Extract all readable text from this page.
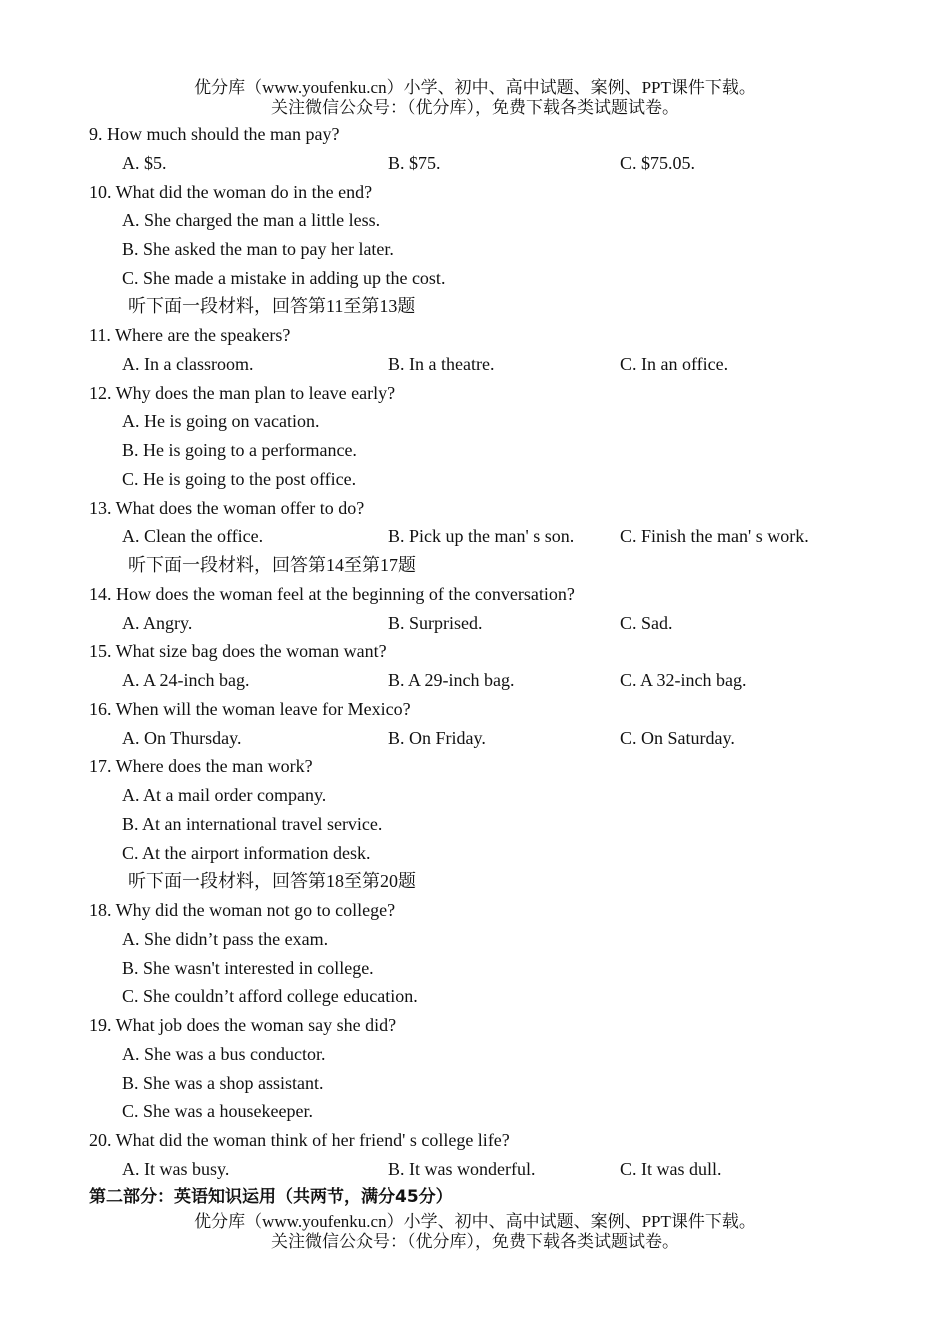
优分库（www.youfenku.cn）小学、初中、高中试题、案例、PPT课件下载。
关注微信公众号：（优分库），免费下载各类试题试卷。
9. How much should the man pay?
A. $5.	B. $75.	C. $75.05.
10. What did the woman do in the end?
A. She charged the man a little less.
B. She asked the man to pay her later.
C. She made a mistake in adding up the cost.
听下面一段材料，回答第11至第13题
11. Where are the speakers?
A. In a classroom.	B. In a theatre.	C. In an office.
12. Why does the man plan to leave early?
A. He is going on vacation.
B. He is going to a performance.
C. He is going to the post office.
13. What does the woman offer to do?
A. Clean the office.	B. Pick up the man' s son.	C. Finish the man' s work.
听下面一段材料，回答第14至第17题
14. How does the woman feel at the beginning of the conversation?
A. Angry.	B. Surprised.	C. Sad.
15. What size bag does the woman want?
A. A 24-inch bag.	B. A 29-inch bag.	C. A 32-inch bag.
16. When will the woman leave for Mexico?
A. On Thursday.	B. On Friday.	C. On Saturday.
17. Where does the man work?
A. At a mail order company.
B. At an international travel service.
C. At the airport information desk.
听下面一段材料，回答第18至第20题
18. Why did the woman not go to college?
A. She didn’t pass the exam.
B. She wasn't interested in college.
C. She couldn’t afford college education.
19. What job does the woman say she did?
A. She was a bus conductor.
B. She was a shop assistant.
C. She was a housekeeper.
20. What did the woman think of her friend' s college life?
A. It was busy.	B. It was wonderful.	C. It was dull.
第二部分：英语知识运用（共两节，满分45分）
优分库（www.youfenku.cn）小学、初中、高中试题、案例、PPT课件下载。
关注微信公众号：（优分库），免费下载各类试题试卷。
